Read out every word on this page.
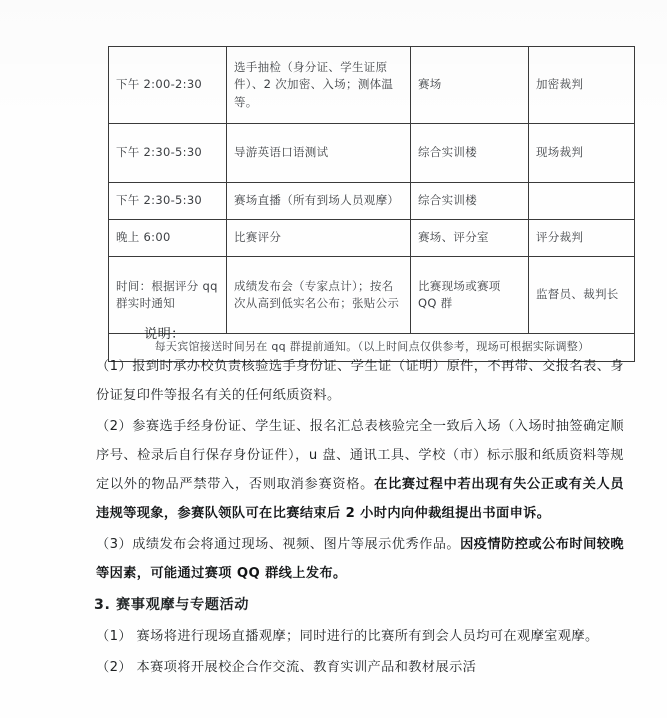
下午 2:00-2:30	选手抽检（身分证、学生证原件）、2 次加密、入场；测体温等。	赛场	加密裁判
下午 2:30-5:30	导游英语口语测试	综合实训楼	现场裁判
下午 2:30-5:30	赛场直播（所有到场人员观摩）	综合实训楼	
晚上 6:00	比赛评分	赛场、评分室	评分裁判
时间：根据评分 qq 群实时通知	成绩发布会（专家点计）；按名次从高到低实名公布；张贴公示	比赛现场或赛项 QQ 群	监督员、裁判长
每天宾馆接送时间另在 qq 群提前通知。（以上时间点仅供参考，现场可根据实际调整）			

说明：

（1）报到时承办校负责核验选手身份证、学生证（证明）原件，不再带、交报名表、身份证复印件等报名有关的任何纸质资料。

（2）参赛选手经身份证、学生证、报名汇总表核验完全一致后入场（入场时抽签确定顺序号、检录后自行保存身份证件），u 盘、通讯工具、学校（市）标示服和纸质资料等规定以外的物品严禁带入，否则取消参赛资格。在比赛过程中若出现有失公正或有关人员违规等现象，参赛队领队可在比赛结束后 2 小时内向仲裁组提出书面申诉。

（3）成绩发布会将通过现场、视频、图片等展示优秀作品。因疫情防控或公布时间较晚等因素，可能通过赛项 QQ 群线上发布。

3. 赛事观摩与专题活动

（1） 赛场将进行现场直播观摩；同时进行的比赛所有到会人员均可在观摩室观摩。

（2） 本赛项将开展校企合作交流、教育实训产品和教材展示活
